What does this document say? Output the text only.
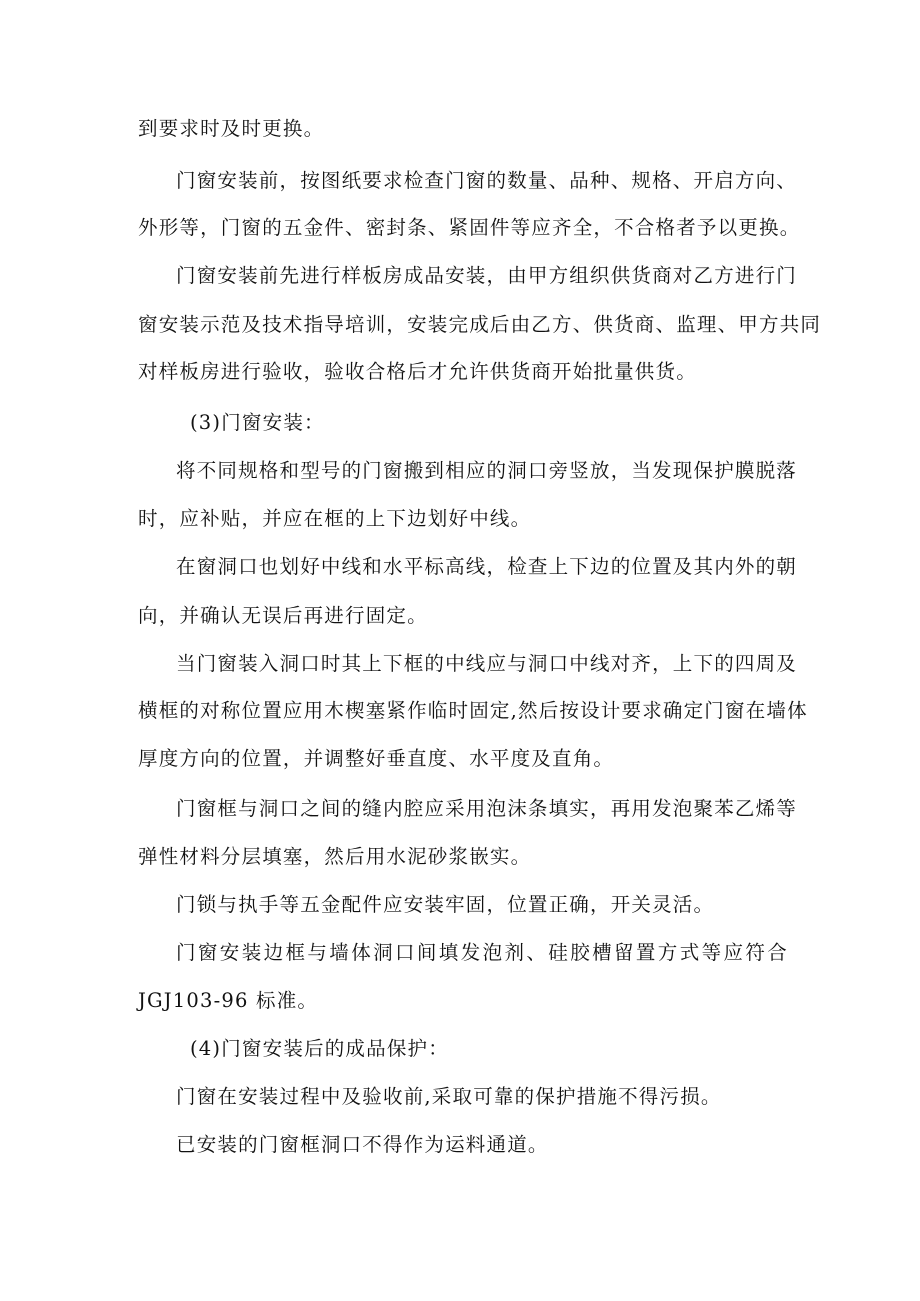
到要求时及时更换。
门窗安装前，按图纸要求检查门窗的数量、品种、规格、开启方向、
外形等，门窗的五金件、密封条、紧固件等应齐全，不合格者予以更换。
门窗安装前先进行样板房成品安装，由甲方组织供货商对乙方进行门
窗安装示范及技术指导培训，安装完成后由乙方、供货商、监理、甲方共同
对样板房进行验收，验收合格后才允许供货商开始批量供货。
(3)门窗安装：
将不同规格和型号的门窗搬到相应的洞口旁竖放，当发现保护膜脱落
时，应补贴，并应在框的上下边划好中线。
在窗洞口也划好中线和水平标高线，检查上下边的位置及其内外的朝
向，并确认无误后再进行固定。
当门窗装入洞口时其上下框的中线应与洞口中线对齐，上下的四周及
横框的对称位置应用木楔塞紧作临时固定,然后按设计要求确定门窗在墙体
厚度方向的位置，并调整好垂直度、水平度及直角。
门窗框与洞口之间的缝内腔应采用泡沫条填实，再用发泡聚苯乙烯等
弹性材料分层填塞，然后用水泥砂浆嵌实。
门锁与执手等五金配件应安装牢固，位置正确，开关灵活。
门窗安装边框与墙体洞口间填发泡剂、硅胶槽留置方式等应符合
JGJ103-96 标准。
(4)门窗安装后的成品保护：
门窗在安装过程中及验收前,采取可靠的保护措施不得污损。
已安装的门窗框洞口不得作为运料通道。
